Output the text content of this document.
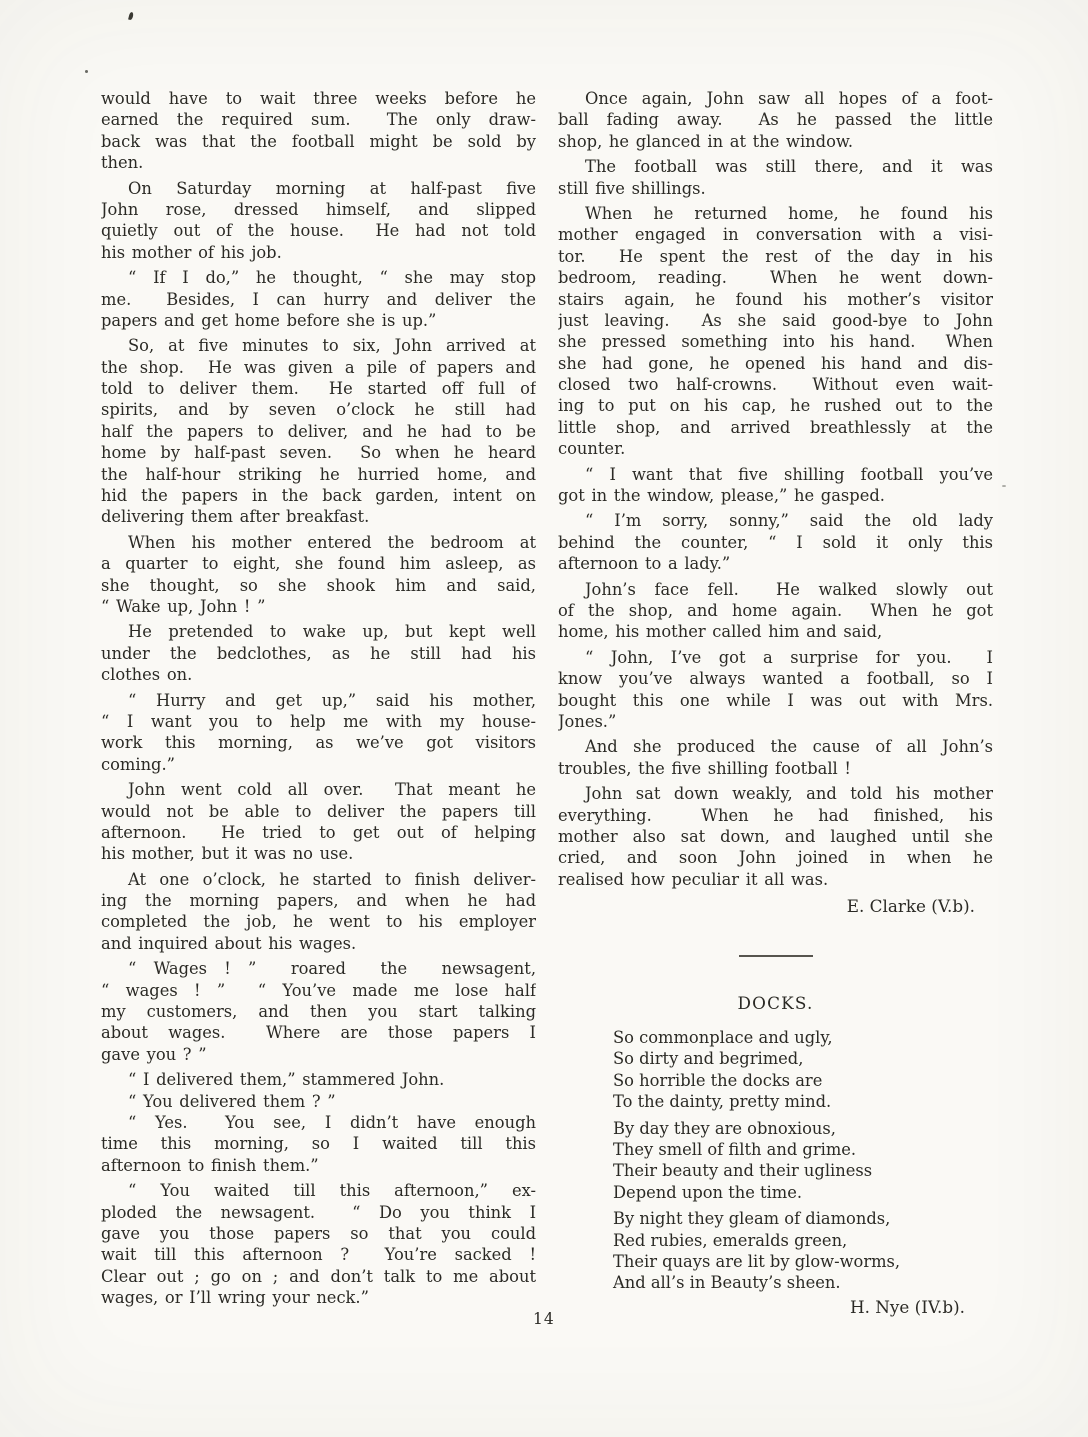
would have to wait three weeks before he
earned the required sum.  The only draw-
back was that the football might be sold by
then.
On Saturday morning at half-past five
John rose, dressed himself, and slipped
quietly out of the house.  He had not told
his mother of his job.
“ If I do,” he thought, “ she may stop
me.  Besides, I can hurry and deliver the
papers and get home before she is up.”
So, at five minutes to six, John arrived at
the shop.  He was given a pile of papers and
told to deliver them.  He started off full of
spirits, and by seven o’clock he still had
half the papers to deliver, and he had to be
home by half-past seven.  So when he heard
the half-hour striking he hurried home, and
hid the papers in the back garden, intent on
delivering them after breakfast.
When his mother entered the bedroom at
a quarter to eight, she found him asleep, as
she thought, so she shook him and said,
“ Wake up, John ! ”
He pretended to wake up, but kept well
under the bedclothes, as he still had his
clothes on.
“ Hurry and get up,” said his mother,
“ I want you to help me with my house-
work this morning, as we’ve got visitors
coming.”
John went cold all over.  That meant he
would not be able to deliver the papers till
afternoon.  He tried to get out of helping
his mother, but it was no use.
At one o’clock, he started to finish deliver-
ing the morning papers, and when he had
completed the job, he went to his employer
and inquired about his wages.
“ Wages ! ”  roared  the  newsagent,
“ wages ! ”  “ You’ve made me lose half
my customers, and then you start talking
about wages.  Where are those papers I
gave you ? ”
“ I delivered them,” stammered John.
“ You delivered them ? ”
“ Yes.  You see, I didn’t have enough
time this morning, so I waited till this
afternoon to finish them.”
“ You waited till this afternoon,” ex-
ploded the newsagent.  “ Do you think I
gave you those papers so that you could
wait till this afternoon ?  You’re sacked !
Clear out ; go on ; and don’t talk to me about
wages, or I’ll wring your neck.”
Once again, John saw all hopes of a foot-
ball fading away.  As he passed the little
shop, he glanced in at the window.
The football was still there, and it was
still five shillings.
When he returned home, he found his
mother engaged in conversation with a visi-
tor.  He spent the rest of the day in his
bedroom, reading.  When he went down-
stairs again, he found his mother’s visitor
just leaving.  As she said good-bye to John
she pressed something into his hand.  When
she had gone, he opened his hand and dis-
closed two half-crowns.  Without even wait-
ing to put on his cap, he rushed out to the
little shop, and arrived breathlessly at the
counter.
“ I want that five shilling football you’ve
got in the window, please,” he gasped.
“ I’m sorry, sonny,” said the old lady
behind the counter, “ I sold it only this
afternoon to a lady.”
John’s face fell.  He walked slowly out
of the shop, and home again.  When he got
home, his mother called him and said,
“ John, I’ve got a surprise for you.  I
know you’ve always wanted a football, so I
bought this one while I was out with Mrs.
Jones.”
And she produced the cause of all John’s
troubles, the five shilling football !
John sat down weakly, and told his mother
everything.  When he had finished, his
mother also sat down, and laughed until she
cried, and soon John joined in when he
realised how peculiar it all was.
E. Clarke (V.b).
DOCKS.
So commonplace and ugly,
So dirty and begrimed,
So horrible the docks are
To the dainty, pretty mind.
By day they are obnoxious,
They smell of filth and grime.
Their beauty and their ugliness
Depend upon the time.
By night they gleam of diamonds,
Red rubies, emeralds green,
Their quays are lit by glow-worms,
And all’s in Beauty’s sheen.
H. Nye (IV.b).
14
